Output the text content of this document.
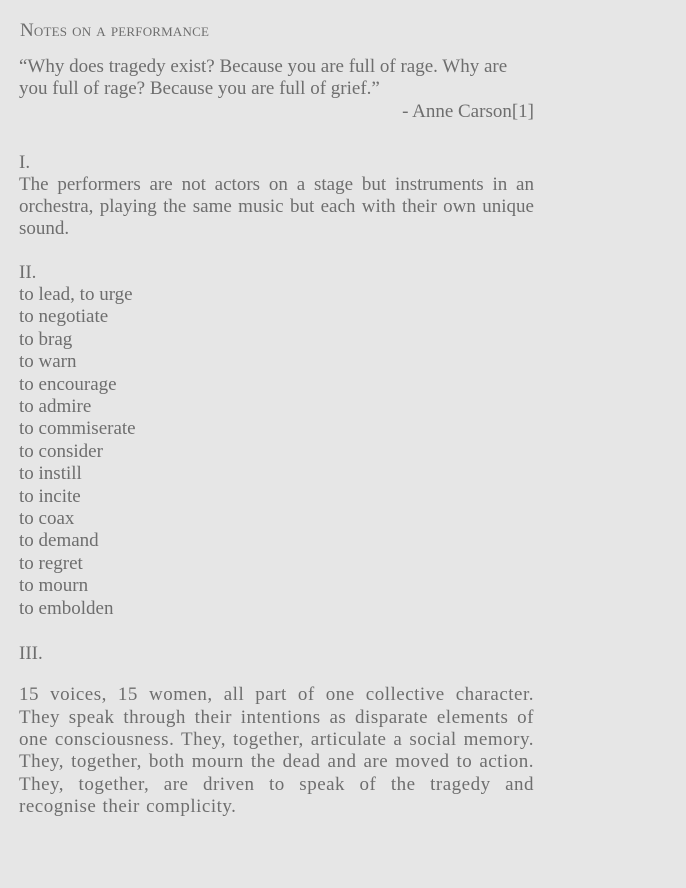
Notes on a performance

“Why does tragedy exist? Because you are full of rage. Why are you full of rage? Because you are full of grief.”

- Anne Carson[1]

I.

The performers are not actors on a stage but instruments in an orchestra, playing the same music but each with their own unique sound.

II.

to lead, to urge
to negotiate
to brag
to warn
to encourage
to admire
to commiserate
to consider
to instill
to incite
to coax
to demand
to regret
to mourn
to embolden

III.

15 voices, 15 women, all part of one collective character. They speak through their intentions as disparate elements of one consciousness. They, together, articulate a social memory. They, together, both mourn the dead and are moved to action. They, together, are driven to speak of the tragedy and recognise their complicity.
